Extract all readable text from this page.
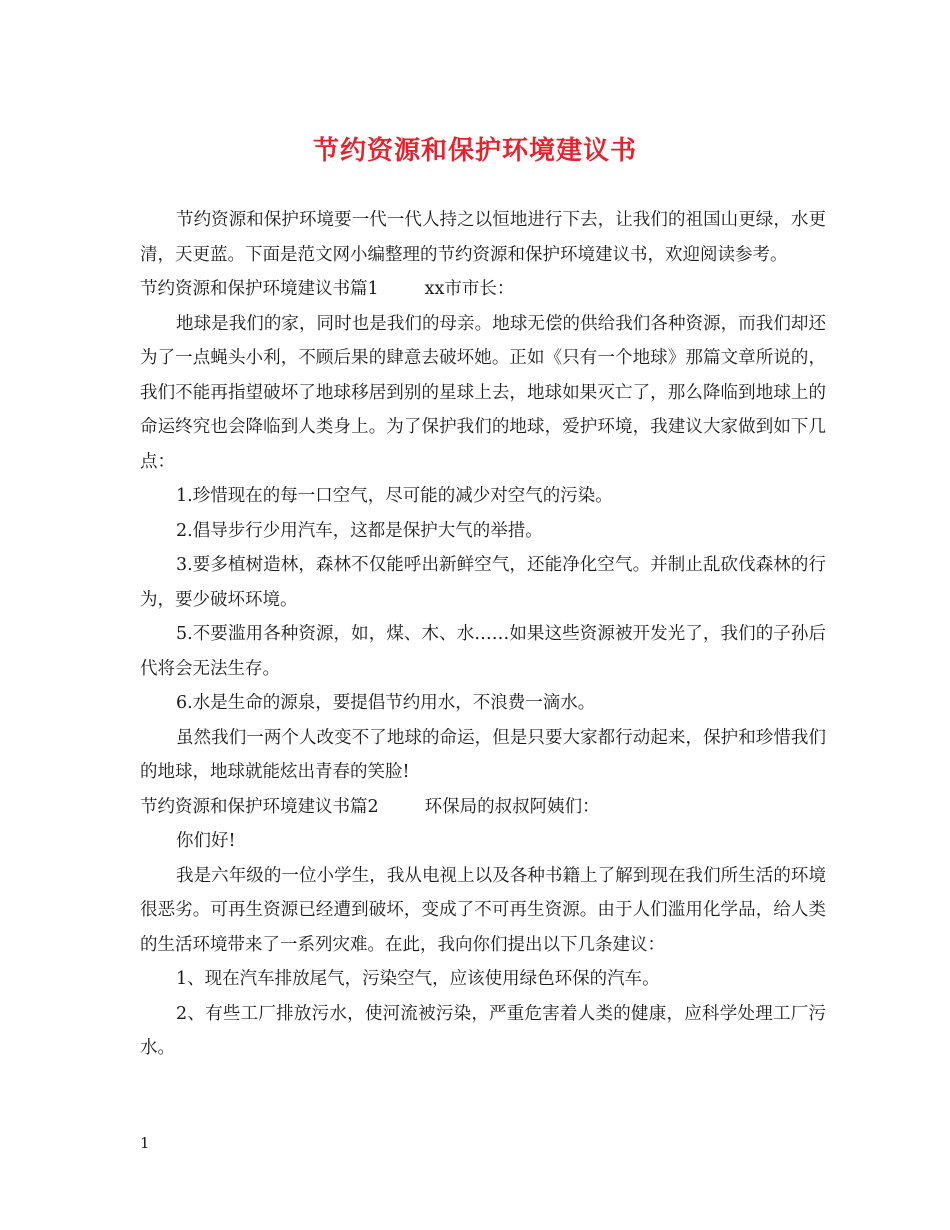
节约资源和保护环境建议书

节约资源和保护环境要一代一代人持之以恒地进行下去，让我们的祖国山更绿，水更清，天更蓝。下面是范文网小编整理的节约资源和保护环境建议书，欢迎阅读参考。

节约资源和保护环境建议书篇1	xx市市长：

地球是我们的家，同时也是我们的母亲。地球无偿的供给我们各种资源，而我们却还为了一点蝇头小利，不顾后果的肆意去破坏她。正如《只有一个地球》那篇文章所说的，我们不能再指望破坏了地球移居到别的星球上去，地球如果灭亡了，那么降临到地球上的命运终究也会降临到人类身上。为了保护我们的地球，爱护环境，我建议大家做到如下几点：

1.珍惜现在的每一口空气，尽可能的减少对空气的污染。

2.倡导步行少用汽车，这都是保护大气的举措。

3.要多植树造林，森林不仅能呼出新鲜空气，还能净化空气。并制止乱砍伐森林的行为，要少破坏环境。

5.不要滥用各种资源，如，煤、木、水……如果这些资源被开发光了，我们的子孙后代将会无法生存。

6.水是生命的源泉，要提倡节约用水，不浪费一滴水。

虽然我们一两个人改变不了地球的命运，但是只要大家都行动起来，保护和珍惜我们的地球，地球就能炫出青春的笑脸!

节约资源和保护环境建议书篇2	环保局的叔叔阿姨们：

你们好!

我是六年级的一位小学生，我从电视上以及各种书籍上了解到现在我们所生活的环境很恶劣。可再生资源已经遭到破坏，变成了不可再生资源。由于人们滥用化学品，给人类的生活环境带来了一系列灾难。在此，我向你们提出以下几条建议：

1、现在汽车排放尾气，污染空气，应该使用绿色环保的汽车。

2、有些工厂排放污水，使河流被污染，严重危害着人类的健康，应科学处理工厂污水。

1
